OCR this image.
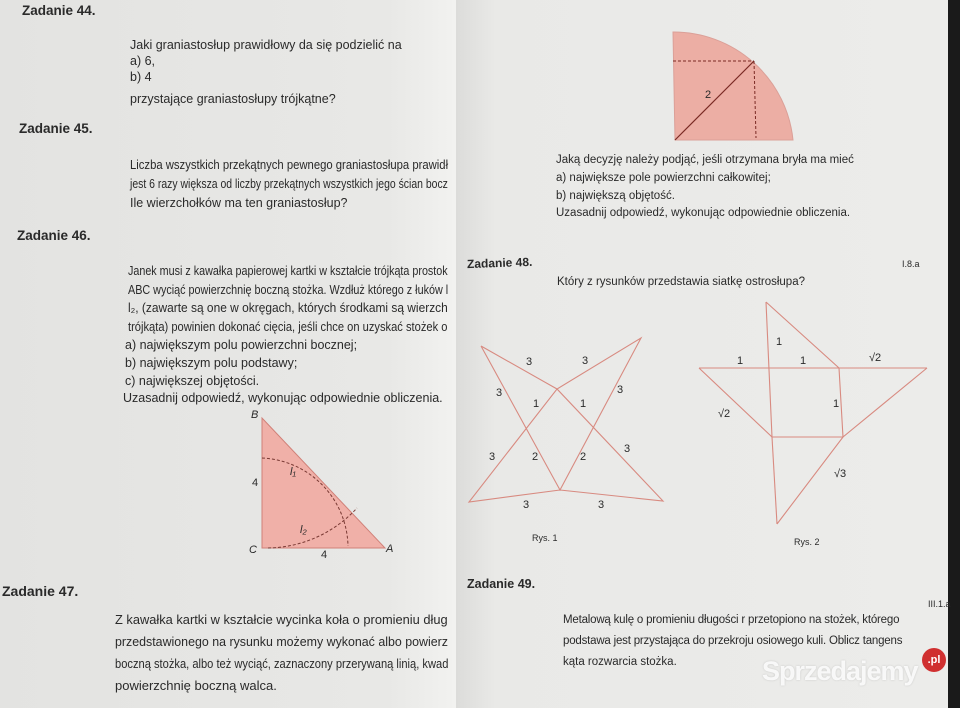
Zadanie 44.
Jaki graniastosłup prawidłowy da się podzielić na
a) 6,
b) 4
przystające graniastosłupy trójkątne?
Zadanie 45.
Liczba wszystkich przekątnych pewnego graniastosłupa prawidł
jest 6 razy większa od liczby przekątnych wszystkich jego ścian bocz
Ile wierzchołków ma ten graniastosłup?
Zadanie 46.
Janek musi z kawałka papierowej kartki w kształcie trójkąta prostok
ABC wyciąć powierzchnię boczną stożka. Wzdłuż którego z łuków l
l₂, (zawarte są one w okręgach, których środkami są wierzch
trójkąta) powinien dokonać cięcia, jeśli chce on uzyskać stożek o
a) największym polu powierzchni bocznej;
b) największym polu podstawy;
c) największej objętości.
Uzasadnij odpowiedź, wykonując odpowiednie obliczenia.
Zadanie 47.
Z kawałka kartki w kształcie wycinka koła o promieniu dług
przedstawionego na rysunku możemy wykonać albo powierz
boczną stożka, albo też wyciąć, zaznaczony przerywaną linią, kwad
powierzchnię boczną walca.
B
C	A
4
4
l₁
l₂
2
Jaką decyzję należy podjąć, jeśli otrzymana bryła ma mieć
a) największe pole powierzchni całkowitej;
b) największą objętość.
Uzasadnij odpowiedź, wykonując odpowiednie obliczenia.
Zadanie 48.	I.8.a
Który z rysunków przedstawia siatkę ostrosłupa?
3	3
3	3
1	1
3	2	2
3
3	3
Rys. 1
1
1	1	√2
√2
1
√3
Rys. 2
Zadanie 49.
III.1.a
Metalową kulę o promieniu długości r przetopiono na stożek, którego
podstawa jest przystająca do przekroju osiowego kuli. Oblicz tangens
kąta rozwarcia stożka.	Sprzedajemy .pl
